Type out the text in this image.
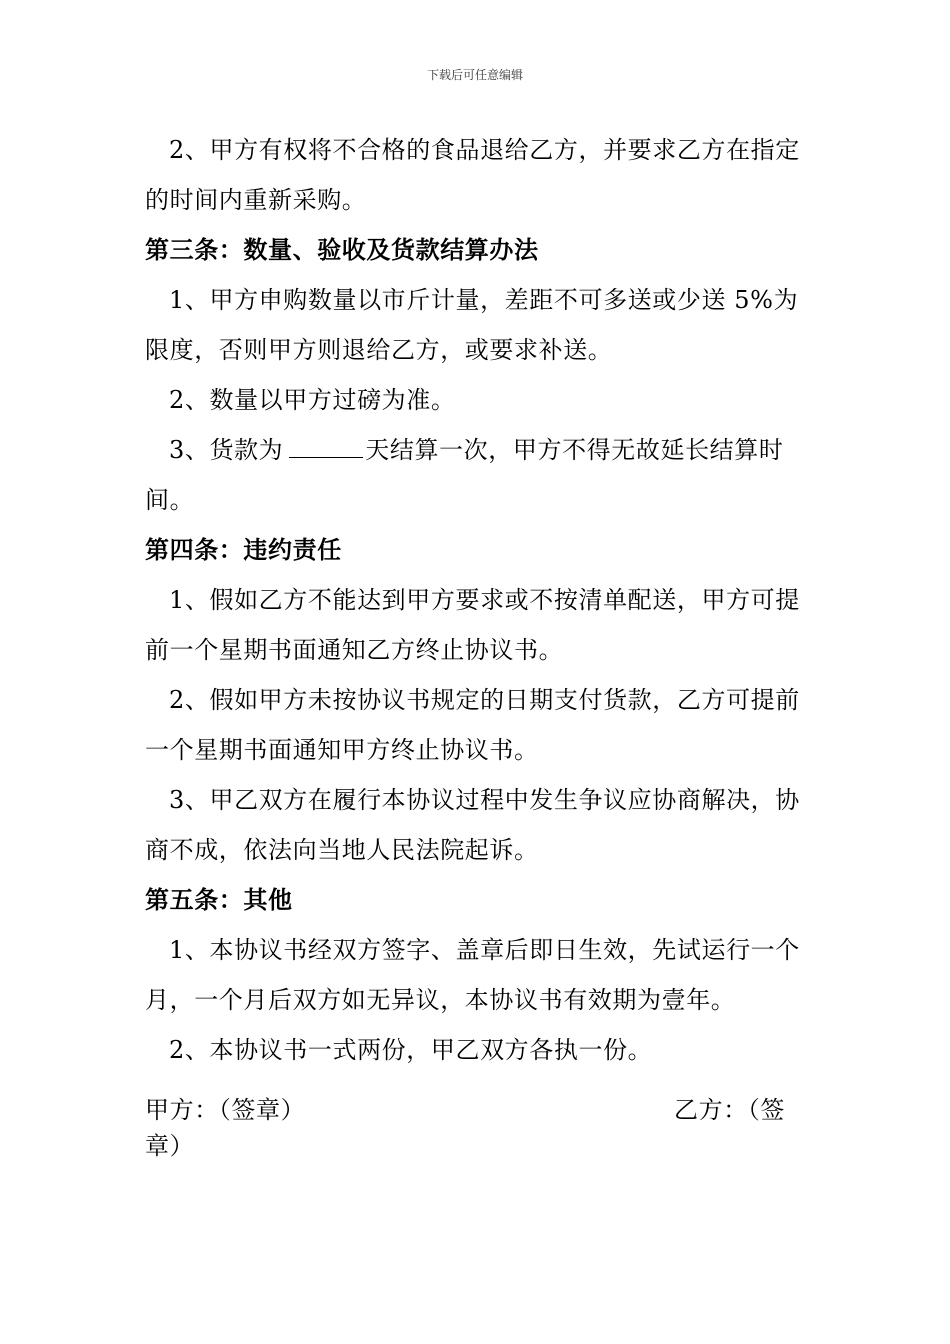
下载后可任意编辑

2、甲方有权将不合格的食品退给乙方，并要求乙方在指定的时间内重新采购。

第三条：数量、验收及货款结算办法

1、甲方申购数量以市斤计量，差距不可多送或少送 5%为限度，否则甲方则退给乙方，或要求补送。

2、数量以甲方过磅为准。

3、货款为	天结算一次，甲方不得无故延长结算时间。

第四条：违约责任

1、假如乙方不能达到甲方要求或不按清单配送，甲方可提前一个星期书面通知乙方终止协议书。

2、假如甲方未按协议书规定的日期支付货款，乙方可提前一个星期书面通知甲方终止协议书。

3、甲乙双方在履行本协议过程中发生争议应协商解决，协商不成，依法向当地人民法院起诉。

第五条：其他

1、本协议书经双方签字、盖章后即日生效，先试运行一个月，一个月后双方如无异议，本协议书有效期为壹年。

2、本协议书一式两份，甲乙双方各执一份。

甲方：（签章）	乙方：（签
章）
